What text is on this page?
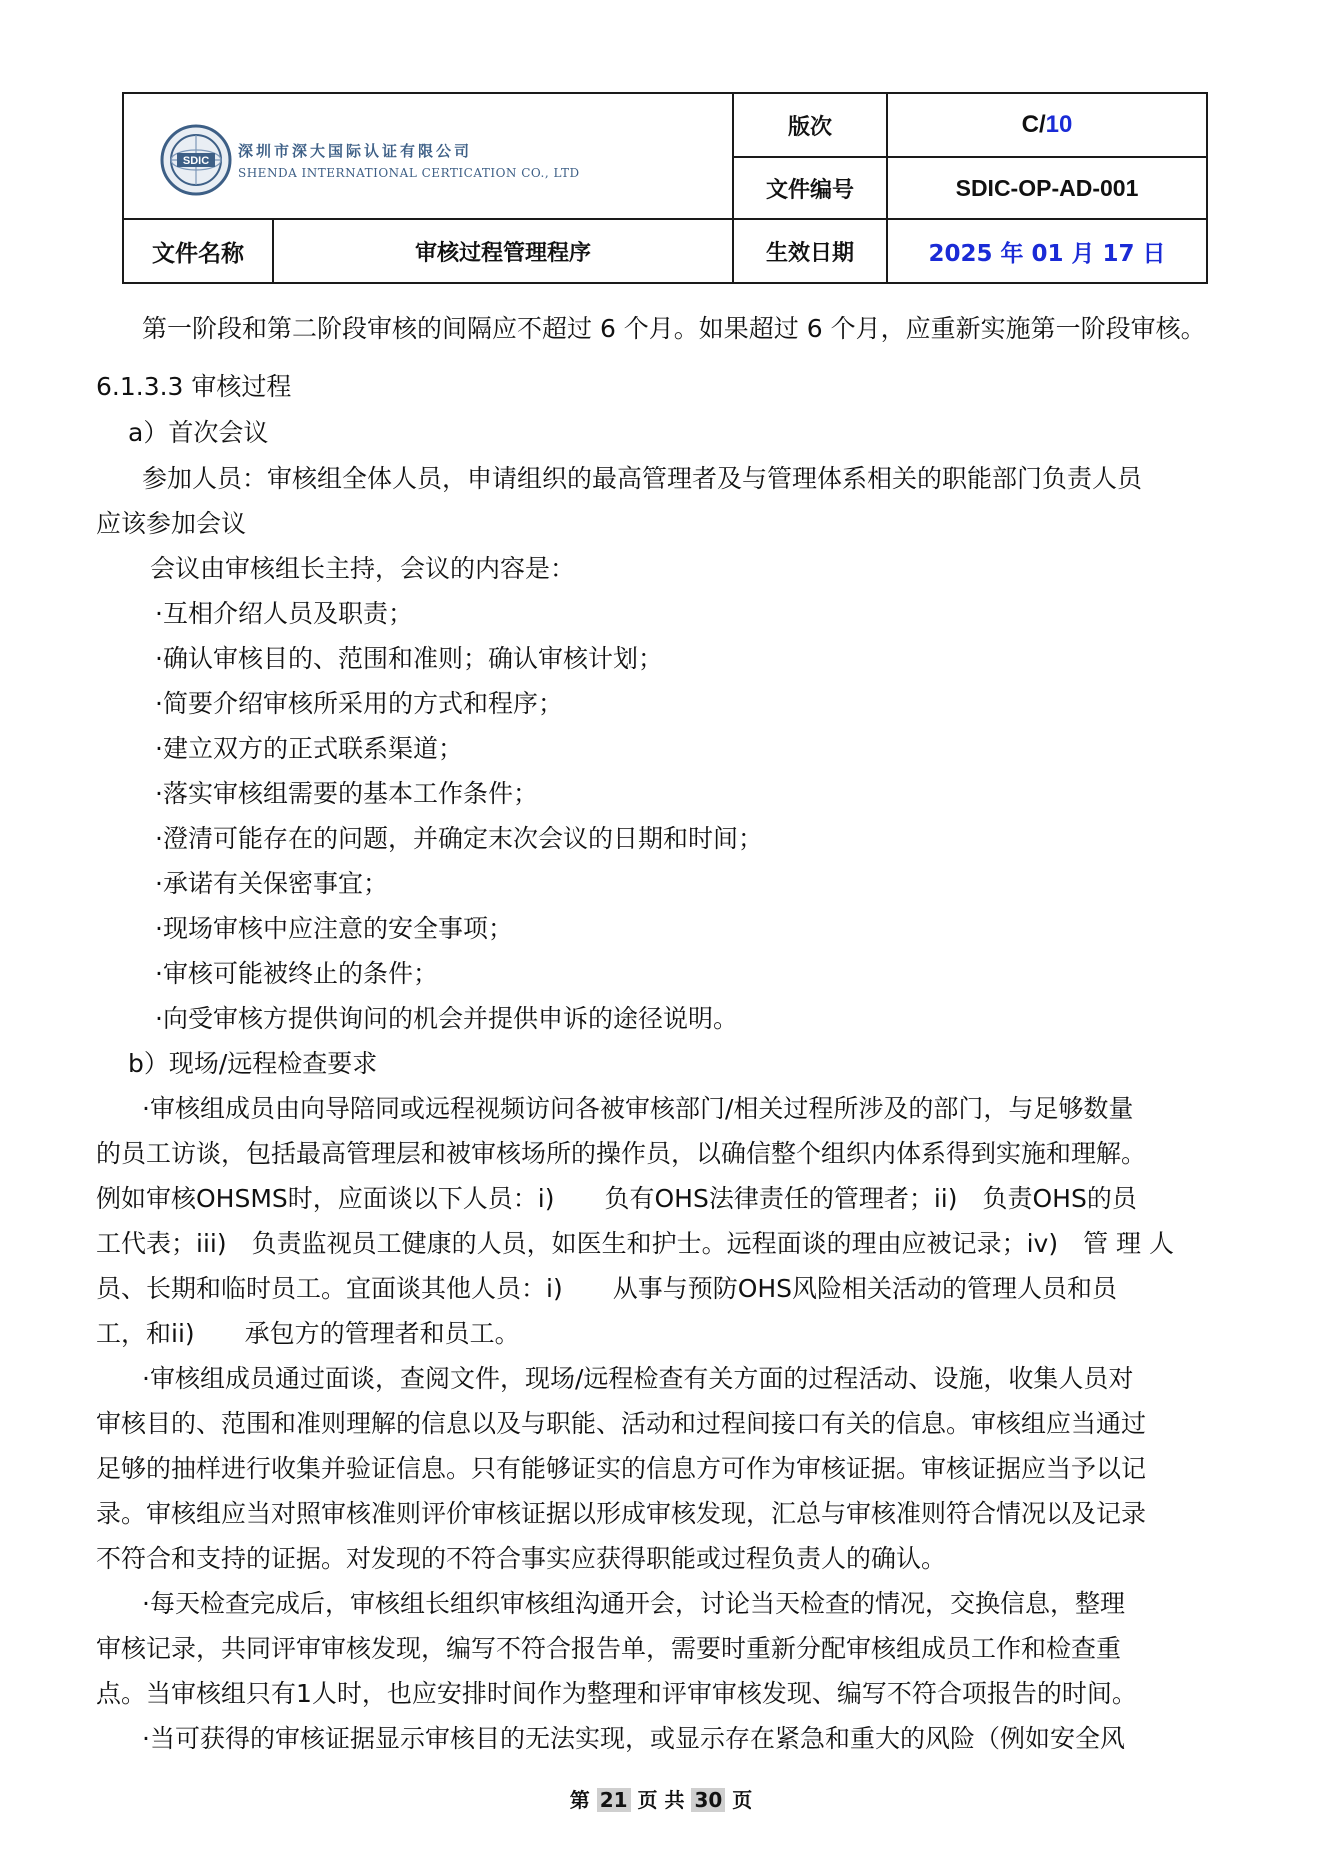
SDIC
深圳市深大国际认证有限公司
SHENDA INTERNATIONAL CERTICATION CO., LTD
版次	C/ 10
文件编号	SDIC-OP-AD-001
文件名称	审核过程管理程序	生效日期	2025 年 01 月 17 日
第一阶段和第二阶段审核的间隔应不超过 6 个月。如果超过 6 个月，应重新实施第一阶段审核。
6.1.3.3 审核过程
a）首次会议
参加人员：审核组全体人员，申请组织的最高管理者及与管理体系相关的职能部门负责人员
应该参加会议
会议由审核组长主持，会议的内容是：
·互相介绍人员及职责；
·确认审核目的、范围和准则；确认审核计划；
·简要介绍审核所采用的方式和程序；
·建立双方的正式联系渠道；
·落实审核组需要的基本工作条件；
·澄清可能存在的问题，并确定末次会议的日期和时间；
·承诺有关保密事宜；
·现场审核中应注意的安全事项；
·审核可能被终止的条件；
·向受审核方提供询问的机会并提供申诉的途径说明。
b）现场/远程检查要求
·审核组成员由向导陪同或远程视频访问各被审核部门/相关过程所涉及的部门，与足够数量
的员工访谈，包括最高管理层和被审核场所的操作员，以确信整个组织内体系得到实施和理解。
例如审核OHSMS时，应面谈以下人员：i)　　负有OHS法律责任的管理者；ii)　负责OHS的员
工代表；iii)　负责监视员工健康的人员，如医生和护士。远程面谈的理由应被记录；iv)　管 理 人
员、长期和临时员工。宜面谈其他人员：i)　　从事与预防OHS风险相关活动的管理人员和员
工，和ii)　　承包方的管理者和员工。
·审核组成员通过面谈，查阅文件，现场/远程检查有关方面的过程活动、设施，收集人员对
审核目的、范围和准则理解的信息以及与职能、活动和过程间接口有关的信息。审核组应当通过
足够的抽样进行收集并验证信息。只有能够证实的信息方可作为审核证据。审核证据应当予以记
录。审核组应当对照审核准则评价审核证据以形成审核发现，汇总与审核准则符合情况以及记录
不符合和支持的证据。对发现的不符合事实应获得职能或过程负责人的确认。
·每天检查完成后，审核组长组织审核组沟通开会，讨论当天检查的情况，交换信息，整理
审核记录，共同评审审核发现，编写不符合报告单，需要时重新分配审核组成员工作和检查重
点。当审核组只有1人时，也应安排时间作为整理和评审审核发现、编写不符合项报告的时间。
·当可获得的审核证据显示审核目的无法实现，或显示存在紧急和重大的风险（例如安全风
第 21 页 共 30 页
